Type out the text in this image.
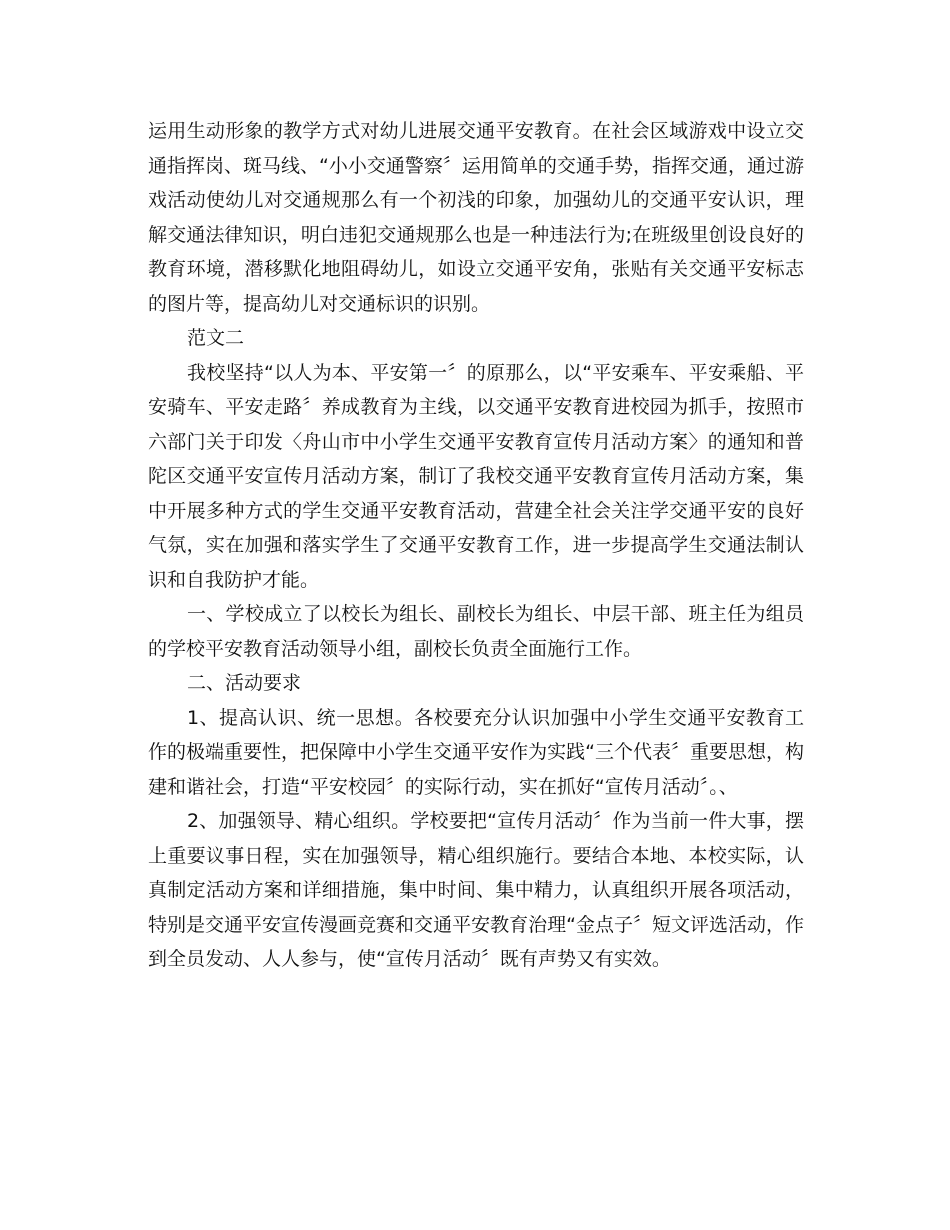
运用生动形象的教学方式对幼儿进展交通平安教育。在社会区域游戏中设立交通指挥岗、斑马线、“小小交通警察〞运用简单的交通手势，指挥交通，通过游戏活动使幼儿对交通规那么有一个初浅的印象，加强幼儿的交通平安认识，理解交通法律知识，明白违犯交通规那么也是一种违法行为;在班级里创设良好的教育环境，潜移默化地阻碍幼儿，如设立交通平安角，张贴有关交通平安标志的图片等，提高幼儿对交通标识的识别。

范文二

我校坚持“以人为本、平安第一〞的原那么，以“平安乘车、平安乘船、平安骑车、平安走路〞养成教育为主线，以交通平安教育进校园为抓手，按照市六部门关于印发〈舟山市中小学生交通平安教育宣传月活动方案〉的通知和普陀区交通平安宣传月活动方案，制订了我校交通平安教育宣传月活动方案，集中开展多种方式的学生交通平安教育活动，营建全社会关注学交通平安的良好气氛，实在加强和落实学生了交通平安教育工作，进一步提高学生交通法制认识和自我防护才能。

一、学校成立了以校长为组长、副校长为组长、中层干部、班主任为组员的学校平安教育活动领导小组，副校长负责全面施行工作。

二、活动要求

1、提高认识、统一思想。各校要充分认识加强中小学生交通平安教育工作的极端重要性，把保障中小学生交通平安作为实践“三个代表〞重要思想，构建和谐社会，打造“平安校园〞的实际行动，实在抓好“宣传月活动〞。、

2、加强领导、精心组织。学校要把“宣传月活动〞作为当前一件大事，摆上重要议事日程，实在加强领导，精心组织施行。要结合本地、本校实际，认真制定活动方案和详细措施，集中时间、集中精力，认真组织开展各项活动，特别是交通平安宣传漫画竞赛和交通平安教育治理“金点子〞短文评选活动，作到全员发动、人人参与，使“宣传月活动〞既有声势又有实效。
